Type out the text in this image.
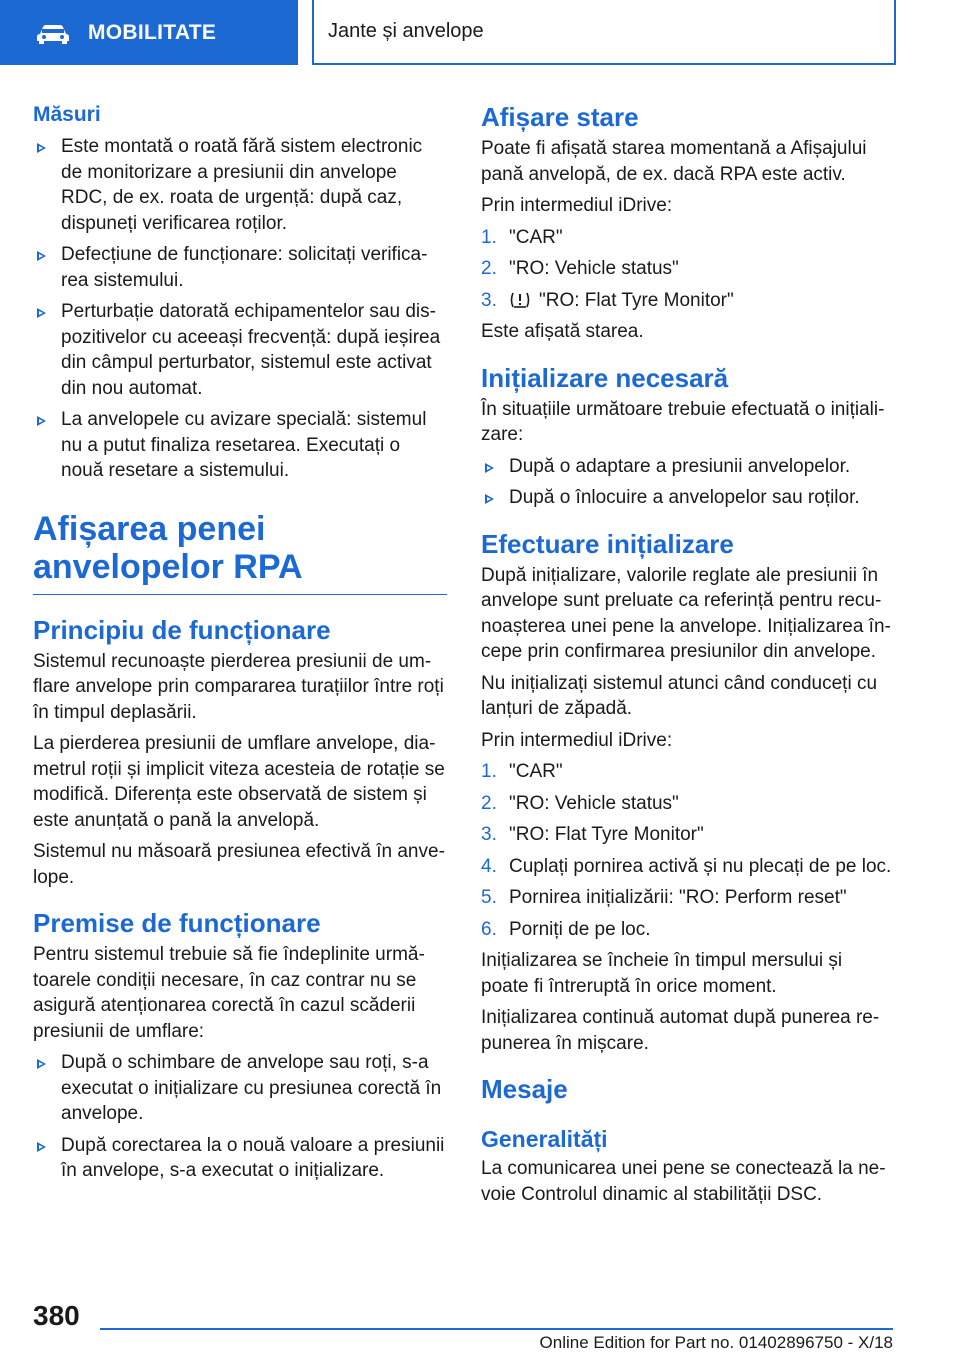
MOBILITATE	Jante și anvelope
Măsuri
Este montată o roată fără sistem electronic de monitorizare a presiunii din anvelope RDC, de ex. roata de urgență: după caz, dispuneți verificarea roților.
Defecțiune de funcționare: solicitați verificarea sistemului.
Perturbație datorată echipamentelor sau dispozitivelor cu aceeași frecvență: după ieșirea din câmpul perturbator, sistemul este activat din nou automat.
La anvelopele cu avizare specială: sistemul nu a putut finaliza resetarea. Executați o nouă resetare a sistemului.
Afișarea penei anvelopelor RPA
Principiu de funcționare

Sistemul recunoaște pierderea presiunii de umflare anvelope prin compararea turațiilor între roți în timpul deplasării.

La pierderea presiunii de umflare anvelope, diametrul roții și implicit viteza acesteia de rotație se modifică. Diferența este observată de sistem și este anunțată o pană la anvelopă.

Sistemul nu măsoară presiunea efectivă în anvelope.

Premise de funcționare

Pentru sistemul trebuie să fie îndeplinite următoarele condiții necesare, în caz contrar nu se asigură atenționarea corectă în cazul scăderii presiunii de umflare:

După o schimbare de anvelope sau roți, s-a executat o inițializare cu presiunea corectă în anvelope.
După corectarea la o nouă valoare a presiunii în anvelope, s-a executat o inițializare.
Afișare stare

Poate fi afișată starea momentană a Afișajului pană anvelopă, de ex. dacă RPA este activ.

Prin intermediul iDrive:

1. "CAR"
2. "RO: Vehicle status"
3. "RO: Flat Tyre Monitor"

Este afișată starea.

Inițializare necesară

În situațiile următoare trebuie efectuată o inițializare:

După o adaptare a presiunii anvelopelor.
După o înlocuire a anvelopelor sau roților.
Efectuare inițializare

După inițializare, valorile reglate ale presiunii în anvelope sunt preluate ca referință pentru recunoașterea unei pene la anvelope. Inițializarea începe prin confirmarea presiunilor din anvelope.

Nu inițializați sistemul atunci când conduceți cu lanțuri de zăpadă.

Prin intermediul iDrive:

1. "CAR"
2. "RO: Vehicle status"
3. "RO: Flat Tyre Monitor"
4. Cuplați pornirea activă și nu plecați de pe loc.
5. Pornirea inițializării: "RO: Perform reset"
6. Porniți de pe loc.

Inițializarea se încheie în timpul mersului și poate fi întreruptă în orice moment.

Inițializarea continuă automat după punerea repunerea în mișcare.

Mesaje
Generalități

La comunicarea unei pene se conectează la nevoie Controlul dinamic al stabilității DSC.

380
Online Edition for Part no. 01402896750 - X/18
